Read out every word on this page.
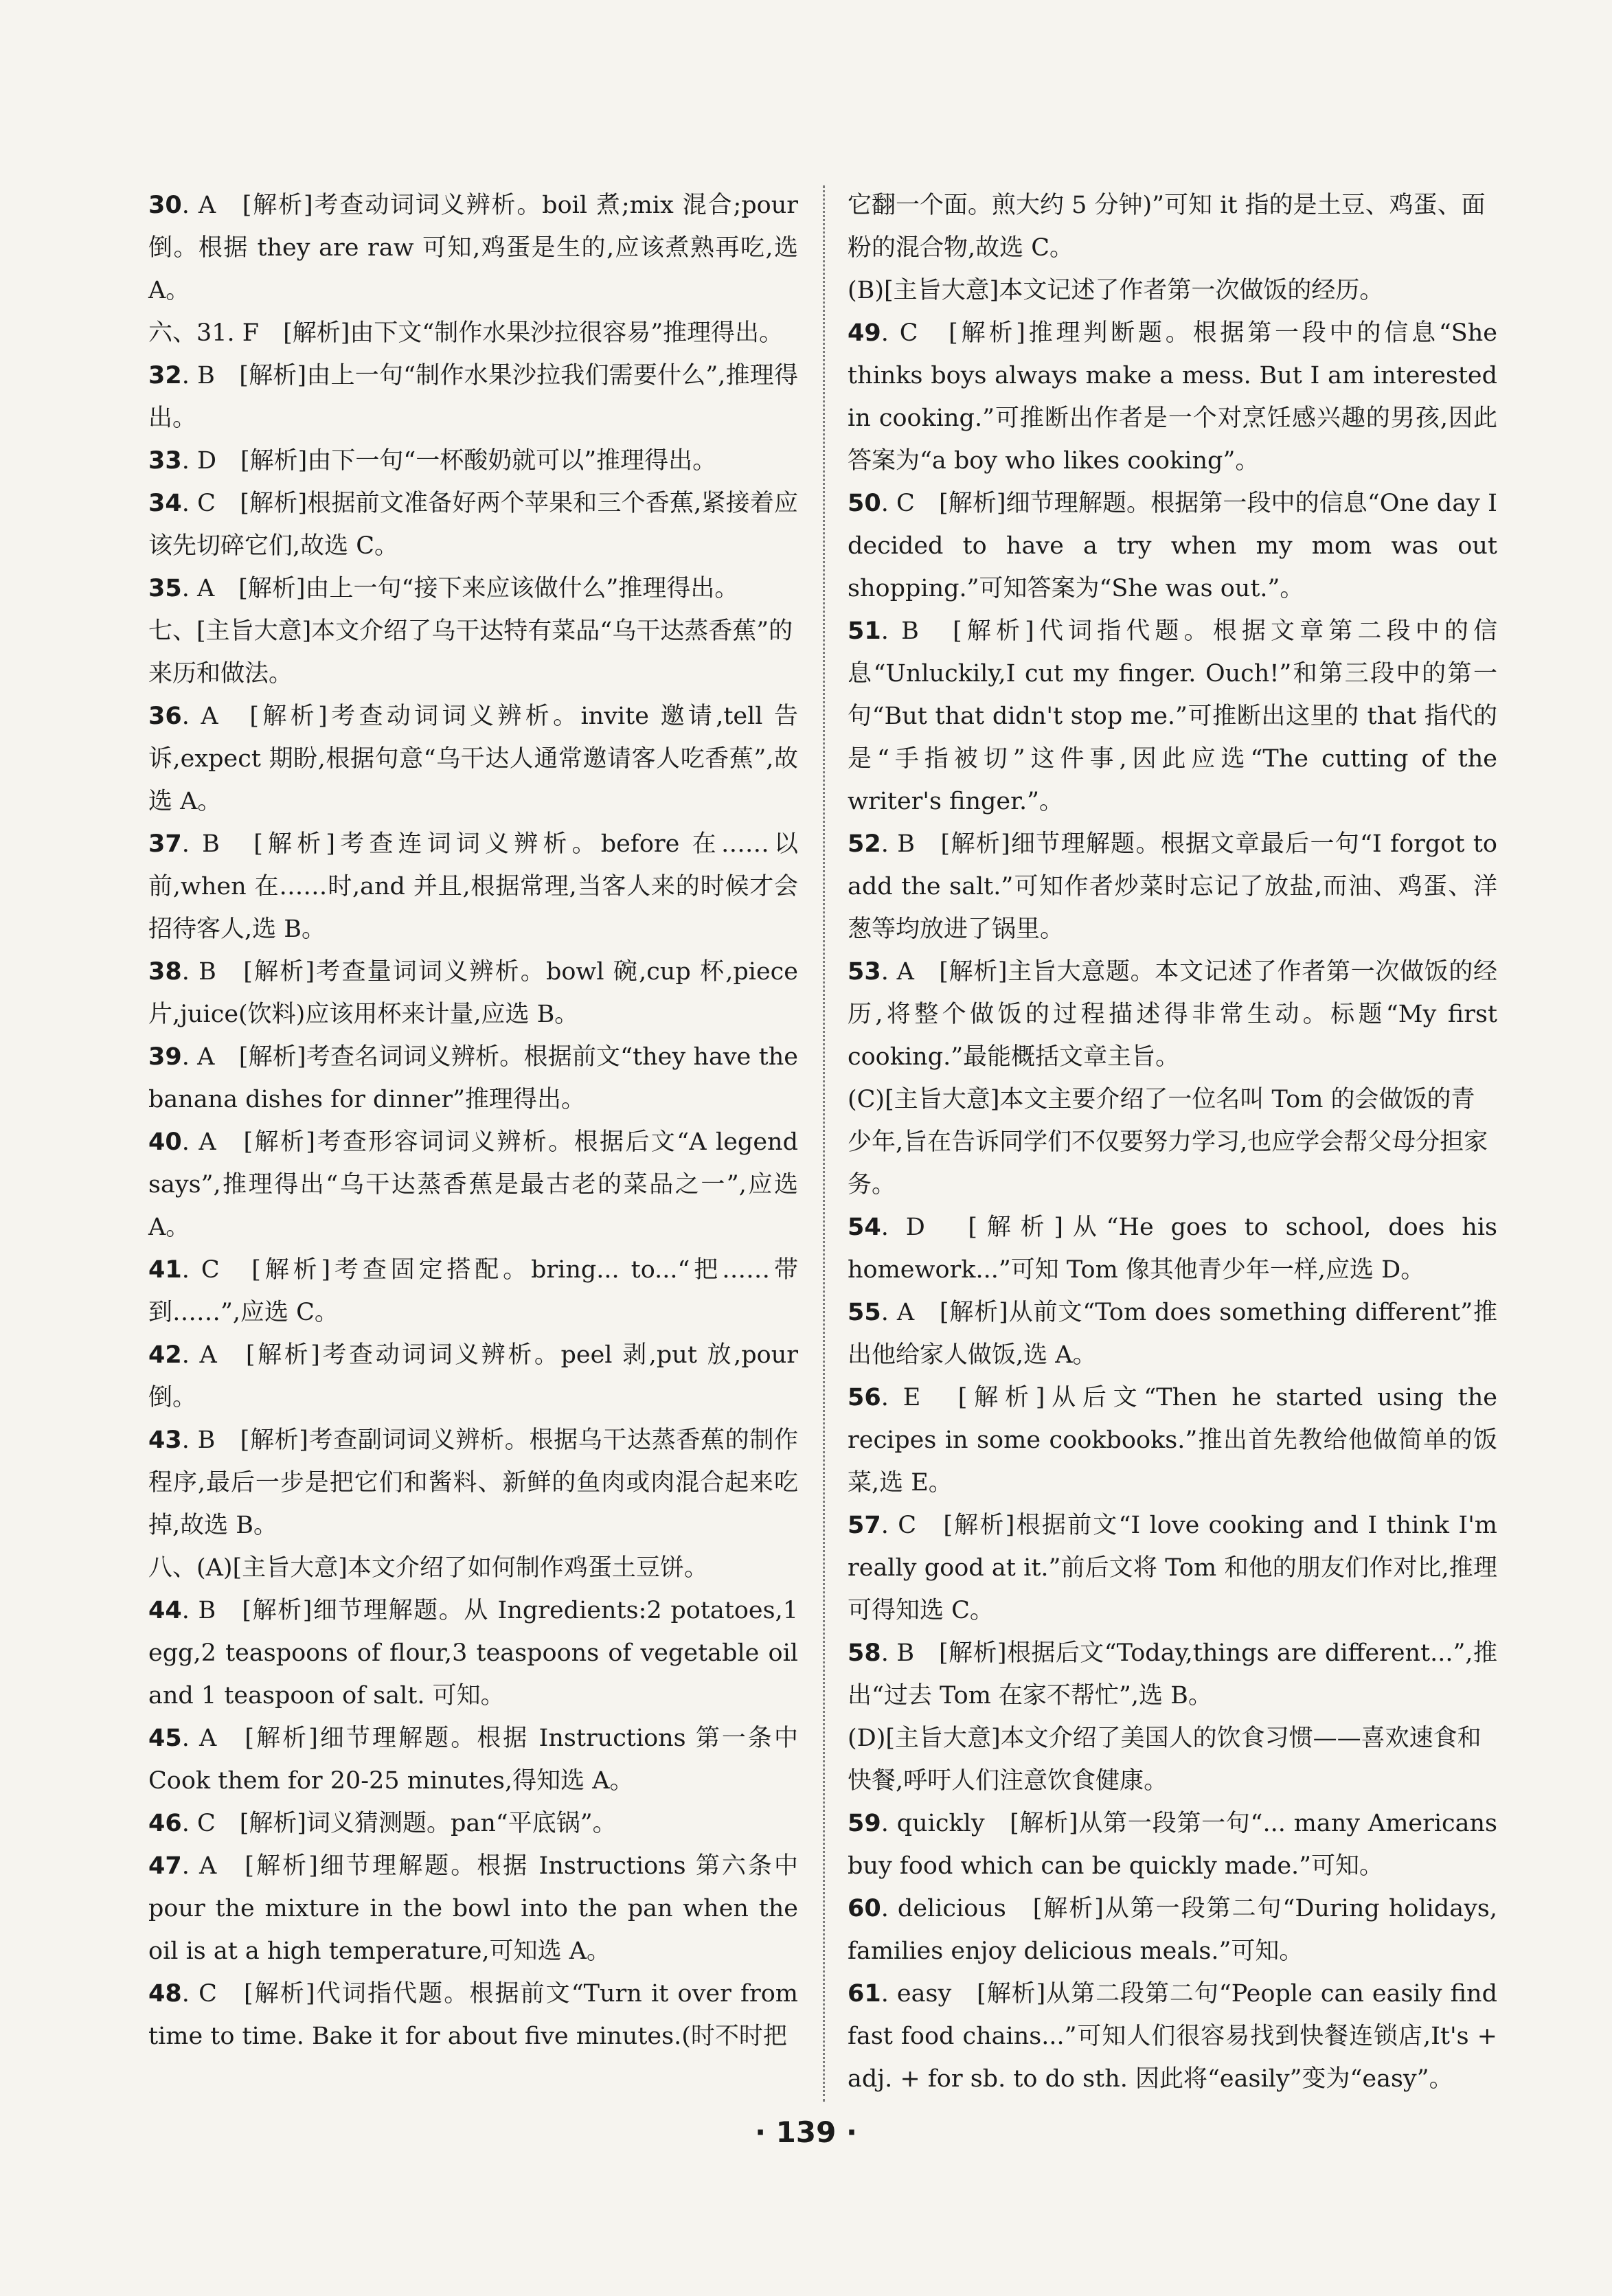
30. A　[解析]考查动词词义辨析。boil 煮;mix 混合;pour 倒。根据 they are raw 可知,鸡蛋是生的,应该煮熟再吃,选 A。

六、31. F　[解析]由下文“制作水果沙拉很容易”推理得出。

32. B　[解析]由上一句“制作水果沙拉我们需要什么”,推理得出。

33. D　[解析]由下一句“一杯酸奶就可以”推理得出。

34. C　[解析]根据前文准备好两个苹果和三个香蕉,紧接着应该先切碎它们,故选 C。

35. A　[解析]由上一句“接下来应该做什么”推理得出。

七、[主旨大意]本文介绍了乌干达特有菜品“乌干达蒸香蕉”的来历和做法。

36. A　[解析]考查动词词义辨析。invite 邀请,tell 告诉,expect 期盼,根据句意“乌干达人通常邀请客人吃香蕉”,故选 A。

37. B　[解析]考查连词词义辨析。before 在……以前,when 在……时,and 并且,根据常理,当客人来的时候才会招待客人,选 B。

38. B　[解析]考查量词词义辨析。bowl 碗,cup 杯,piece 片,juice(饮料)应该用杯来计量,应选 B。

39. A　[解析]考查名词词义辨析。根据前文“they have the banana dishes for dinner”推理得出。

40. A　[解析]考查形容词词义辨析。根据后文“A legend says”,推理得出“乌干达蒸香蕉是最古老的菜品之一”,应选 A。

41. C　[解析]考查固定搭配。bring... to...“把……带到……”,应选 C。

42. A　[解析]考查动词词义辨析。peel 剥,put 放,pour 倒。

43. B　[解析]考查副词词义辨析。根据乌干达蒸香蕉的制作程序,最后一步是把它们和酱料、新鲜的鱼肉或肉混合起来吃掉,故选 B。

八、(A)[主旨大意]本文介绍了如何制作鸡蛋土豆饼。

44. B　[解析]细节理解题。从 Ingredients:2 potatoes,1 egg,2 teaspoons of flour,3 teaspoons of vegetable oil and 1 teaspoon of salt. 可知。

45. A　[解析]细节理解题。根据 Instructions 第一条中 Cook them for 20-25 minutes,得知选 A。

46. C　[解析]词义猜测题。pan“平底锅”。

47. A　[解析]细节理解题。根据 Instructions 第六条中 pour the mixture in the bowl into the pan when the oil is at a high temperature,可知选 A。

48. C　[解析]代词指代题。根据前文“Turn it over from time to time. Bake it for about five minutes.(时不时把

它翻一个面。煎大约 5 分钟)”可知 it 指的是土豆、鸡蛋、面粉的混合物,故选 C。

(B)[主旨大意]本文记述了作者第一次做饭的经历。

49. C　[解析]推理判断题。根据第一段中的信息“She thinks boys always make a mess. But I am interested in cooking.”可推断出作者是一个对烹饪感兴趣的男孩,因此答案为“a boy who likes cooking”。

50. C　[解析]细节理解题。根据第一段中的信息“One day I decided to have a try when my mom was out shopping.”可知答案为“She was out.”。

51. B　[解析]代词指代题。根据文章第二段中的信息“Unluckily,I cut my finger. Ouch!”和第三段中的第一句“But that didn't stop me.”可推断出这里的 that 指代的是“手指被切”这件事,因此应选“The cutting of the writer's finger.”。

52. B　[解析]细节理解题。根据文章最后一句“I forgot to add the salt.”可知作者炒菜时忘记了放盐,而油、鸡蛋、洋葱等均放进了锅里。

53. A　[解析]主旨大意题。本文记述了作者第一次做饭的经历,将整个做饭的过程描述得非常生动。标题“My first cooking.”最能概括文章主旨。

(C)[主旨大意]本文主要介绍了一位名叫 Tom 的会做饭的青少年,旨在告诉同学们不仅要努力学习,也应学会帮父母分担家务。

54. D　[解析]从“He goes to school, does his homework...”可知 Tom 像其他青少年一样,应选 D。

55. A　[解析]从前文“Tom does something different”推出他给家人做饭,选 A。

56. E　[解析]从后文“Then he started using the recipes in some cookbooks.”推出首先教给他做简单的饭菜,选 E。

57. C　[解析]根据前文“I love cooking and I think I'm really good at it.”前后文将 Tom 和他的朋友们作对比,推理可得知选 C。

58. B　[解析]根据后文“Today,things are different...”,推出“过去 Tom 在家不帮忙”,选 B。

(D)[主旨大意]本文介绍了美国人的饮食习惯——喜欢速食和快餐,呼吁人们注意饮食健康。

59. quickly　[解析]从第一段第一句“... many Americans buy food which can be quickly made.”可知。

60. delicious　[解析]从第一段第二句“During holidays, families enjoy delicious meals.”可知。

61. easy　[解析]从第二段第二句“People can easily find fast food chains...”可知人们很容易找到快餐连锁店,It's + adj. + for sb. to do sth. 因此将“easily”变为“easy”。

· 139 ·
